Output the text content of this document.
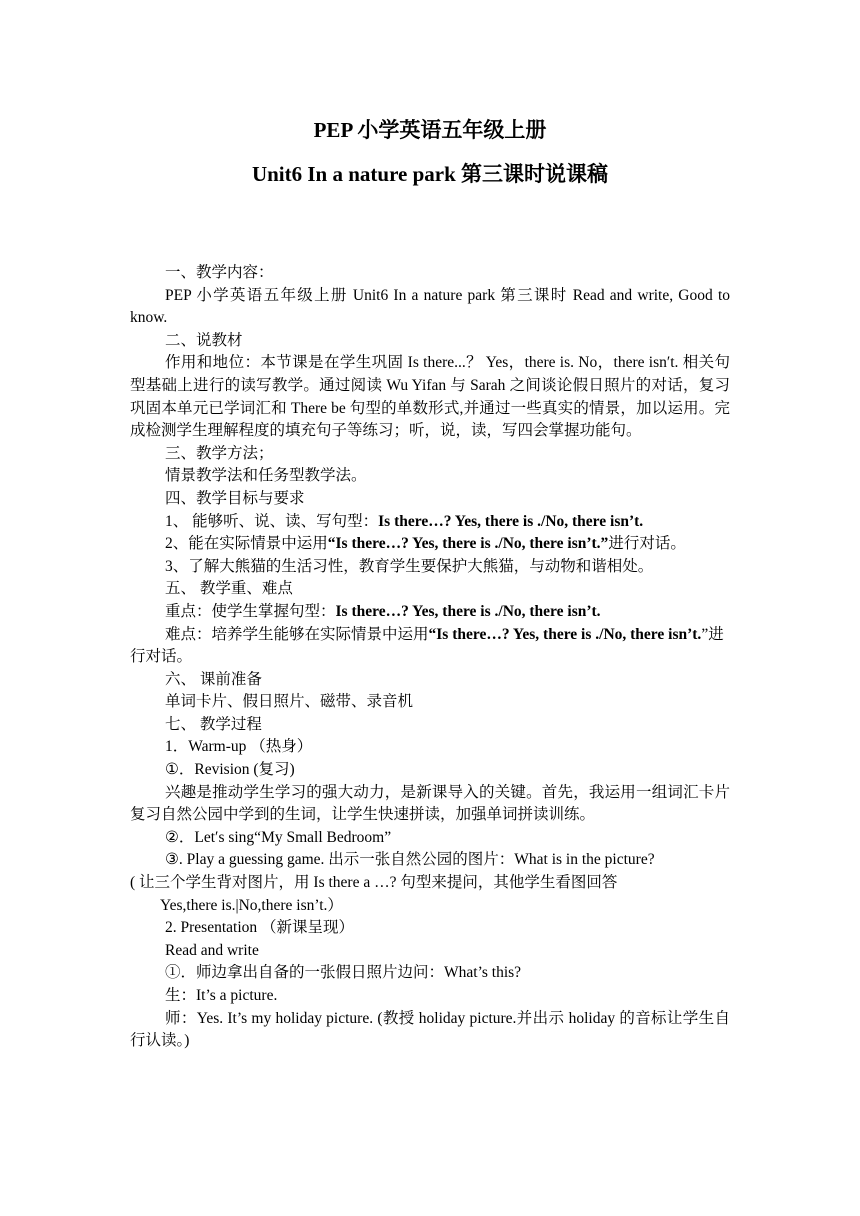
PEP 小学英语五年级上册
Unit6 In a nature park 第三课时说课稿

一、教学内容：

PEP 小学英语五年级上册 Unit6 In a nature park 第三课时 Read and write, Good to know.

二、说教材

作用和地位：本节课是在学生巩固 Is there...？ Yes，there is. No，there isn′t. 相关句型基础上进行的读写教学。通过阅读 Wu Yifan 与 Sarah 之间谈论假日照片的对话，复习巩固本单元已学词汇和 There be 句型的单数形式,并通过一些真实的情景，加以运用。完成检测学生理解程度的填充句子等练习；听，说，读，写四会掌握功能句。

三、教学方法；

情景教学法和任务型教学法。

四、教学目标与要求

1、 能够听、说、读、写句型：Is there…? Yes, there is ./No, there isn’t.

2、能在实际情景中运用“Is there…? Yes, there is ./No, there isn’t.”进行对话。

3、了解大熊猫的生活习性，教育学生要保护大熊猫，与动物和谐相处。

五、 教学重、难点

重点：使学生掌握句型：Is there…? Yes, there is ./No, there isn’t.

难点：培养学生能够在实际情景中运用“Is there…? Yes, there is ./No, there isn’t.”进行对话。

六、 课前准备

单词卡片、假日照片、磁带、录音机

七、 教学过程

1．Warm-up （热身）

①．Revision (复习)

兴趣是推动学生学习的强大动力，是新课导入的关键。首先，我运用一组词汇卡片复习自然公园中学到的生词，让学生快速拼读，加强单词拼读训练。

②．Let′s sing“My Small Bedroom”

③. Play a guessing game. 出示一张自然公园的图片：What is in the picture?

( 让三个学生背对图片，用 Is there a …? 句型来提问，其他学生看图回答

Yes,there is.|No,there isn’t.）

2. Presentation （新课呈现）

Read and write

①．师边拿出自备的一张假日照片边问：What’s this?

生：It’s a picture.

师：Yes. It’s my holiday picture. (教授 holiday picture.并出示 holiday 的音标让学生自行认读。)
